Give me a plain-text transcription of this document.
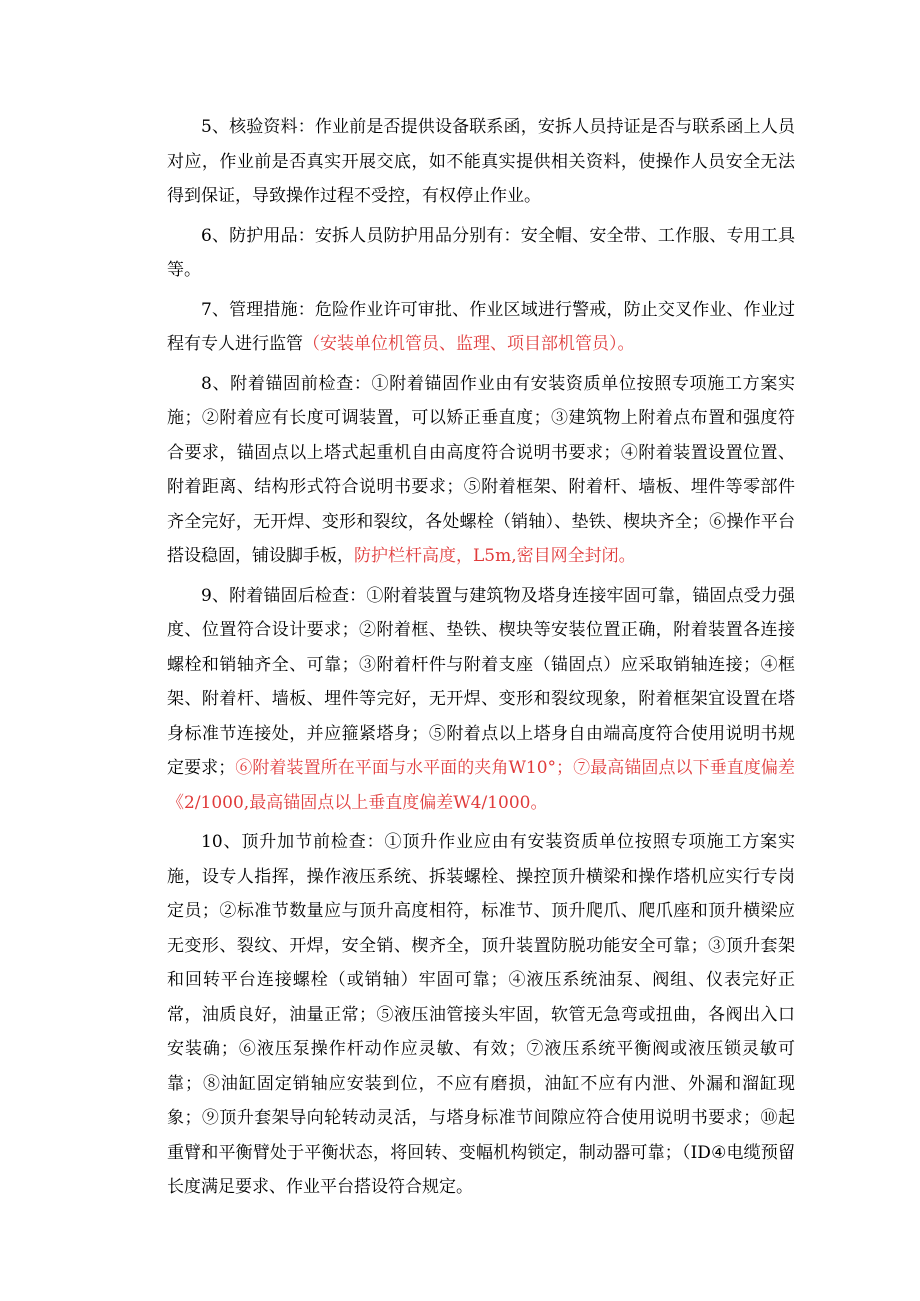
5、核验资料：作业前是否提供设备联系函，安拆人员持证是否与联系函上人员对应，作业前是否真实开展交底，如不能真实提供相关资料，使操作人员安全无法得到保证，导致操作过程不受控，有权停止作业。

6、防护用品：安拆人员防护用品分别有：安全帽、安全带、工作服、专用工具等。

7、管理措施：危险作业许可审批、作业区域进行警戒，防止交叉作业、作业过程有专人进行监管（安装单位机管员、监理、项目部机管员）。

8、附着锚固前检查：①附着锚固作业由有安装资质单位按照专项施工方案实施；②附着应有长度可调装置，可以矫正垂直度；③建筑物上附着点布置和强度符合要求，锚固点以上塔式起重机自由高度符合说明书要求；④附着装置设置位置、附着距离、结构形式符合说明书要求；⑤附着框架、附着杆、墙板、埋件等零部件齐全完好，无开焊、变形和裂纹，各处螺栓（销轴）、垫铁、楔块齐全；⑥操作平台搭设稳固，铺设脚手板，防护栏杆高度，L5m,密目网全封闭。

9、附着锚固后检查：①附着装置与建筑物及塔身连接牢固可靠，锚固点受力强度、位置符合设计要求；②附着框、垫铁、楔块等安装位置正确，附着装置各连接螺栓和销轴齐全、可靠；③附着杆件与附着支座（锚固点）应采取销轴连接；④框架、附着杆、墙板、埋件等完好，无开焊、变形和裂纹现象，附着框架宜设置在塔身标准节连接处，并应箍紧塔身；⑤附着点以上塔身自由端高度符合使用说明书规定要求；⑥附着装置所在平面与水平面的夹角W10°；⑦最高锚固点以下垂直度偏差《2/1000,最高锚固点以上垂直度偏差W4/1000。

10、顶升加节前检查：①顶升作业应由有安装资质单位按照专项施工方案实施，设专人指挥，操作液压系统、拆装螺栓、操控顶升横梁和操作塔机应实行专岗定员；②标准节数量应与顶升高度相符，标准节、顶升爬爪、爬爪座和顶升横梁应无变形、裂纹、开焊，安全销、楔齐全，顶升装置防脱功能安全可靠；③顶升套架和回转平台连接螺栓（或销轴）牢固可靠；④液压系统油泵、阀组、仪表完好正常，油质良好，油量正常；⑤液压油管接头牢固，软管无急弯或扭曲，各阀出入口安装确；⑥液压泵操作杆动作应灵敏、有效；⑦液压系统平衡阀或液压锁灵敏可靠；⑧油缸固定销轴应安装到位，不应有磨损，油缸不应有内泄、外漏和溜缸现象；⑨顶升套架导向轮转动灵活，与塔身标准节间隙应符合使用说明书要求；⑩起重臂和平衡臂处于平衡状态，将回转、变幅机构锁定，制动器可靠；（ID④电缆预留长度满足要求、作业平台搭设符合规定。
